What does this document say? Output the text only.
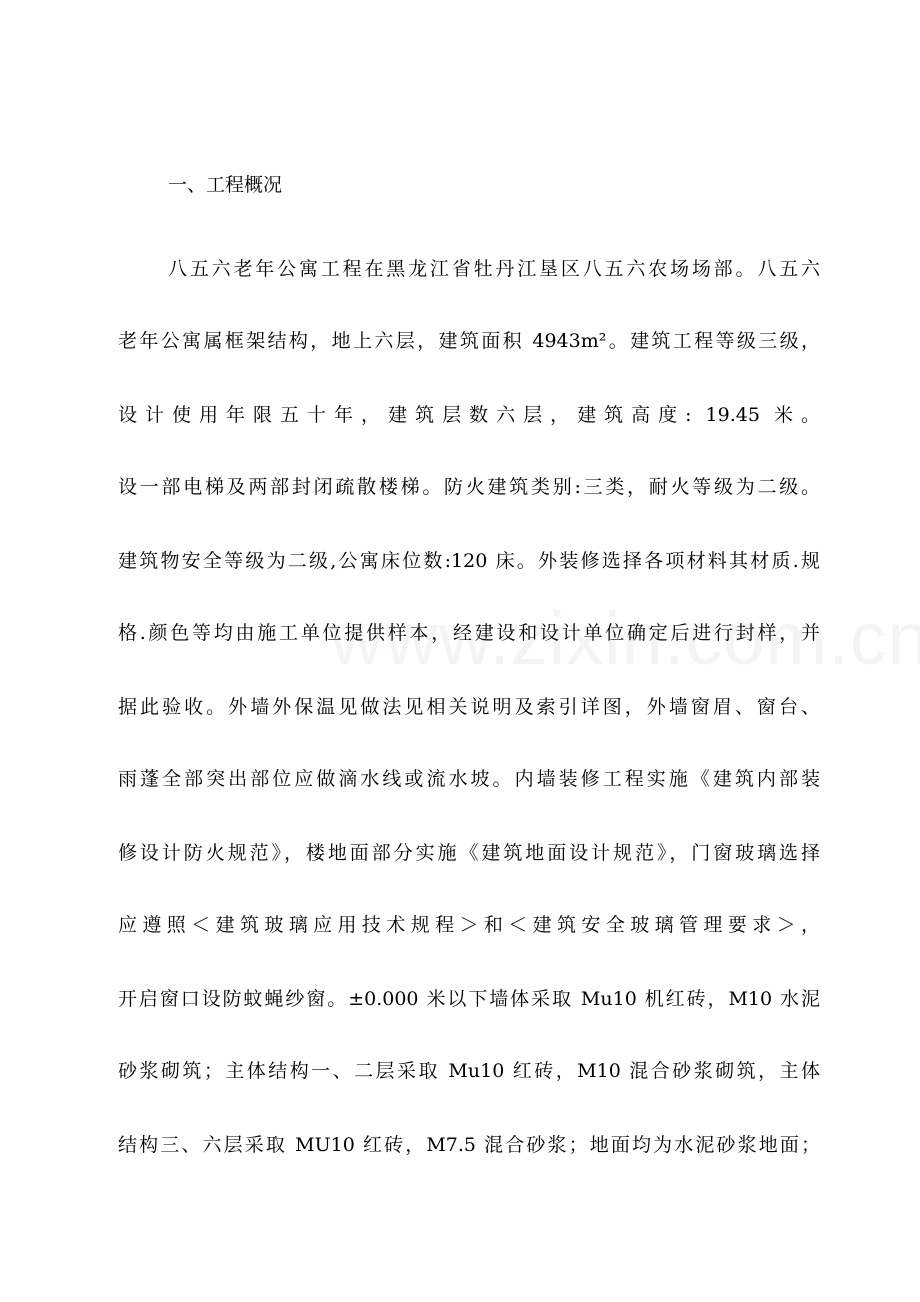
一、工程概况
八五六老年公寓工程在黑龙江省牡丹江垦区八五六农场场部。八五六
老年公寓属框架结构，地上六层，建筑面积 4943m²。建筑工程等级三级，
设计使用年限五十年，建筑层数六层，建筑高度: 19.45 米。
设一部电梯及两部封闭疏散楼梯。防火建筑类别:三类，耐火等级为二级。
建筑物安全等级为二级,公寓床位数:120 床。外装修选择各项材料其材质.规
格.颜色等均由施工单位提供样本，经建设和设计单位确定后进行封样，并
据此验收。外墙外保温见做法见相关说明及索引详图，外墙窗眉、窗台、
雨蓬全部突出部位应做滴水线或流水坡。内墙装修工程实施《建筑内部装
修设计防火规范》，楼地面部分实施《建筑地面设计规范》，门窗玻璃选择
应遵照＜建筑玻璃应用技术规程＞和＜建筑安全玻璃管理要求＞，
开启窗口设防蚊蝇纱窗。±0.000 米以下墙体采取 Mu10 机红砖，M10 水泥
砂浆砌筑；主体结构一、二层采取 Mu10 红砖，M10 混合砂浆砌筑，主体
结构三、六层采取 MU10 红砖，M7.5 混合砂浆；地面均为水泥砂浆地面；
